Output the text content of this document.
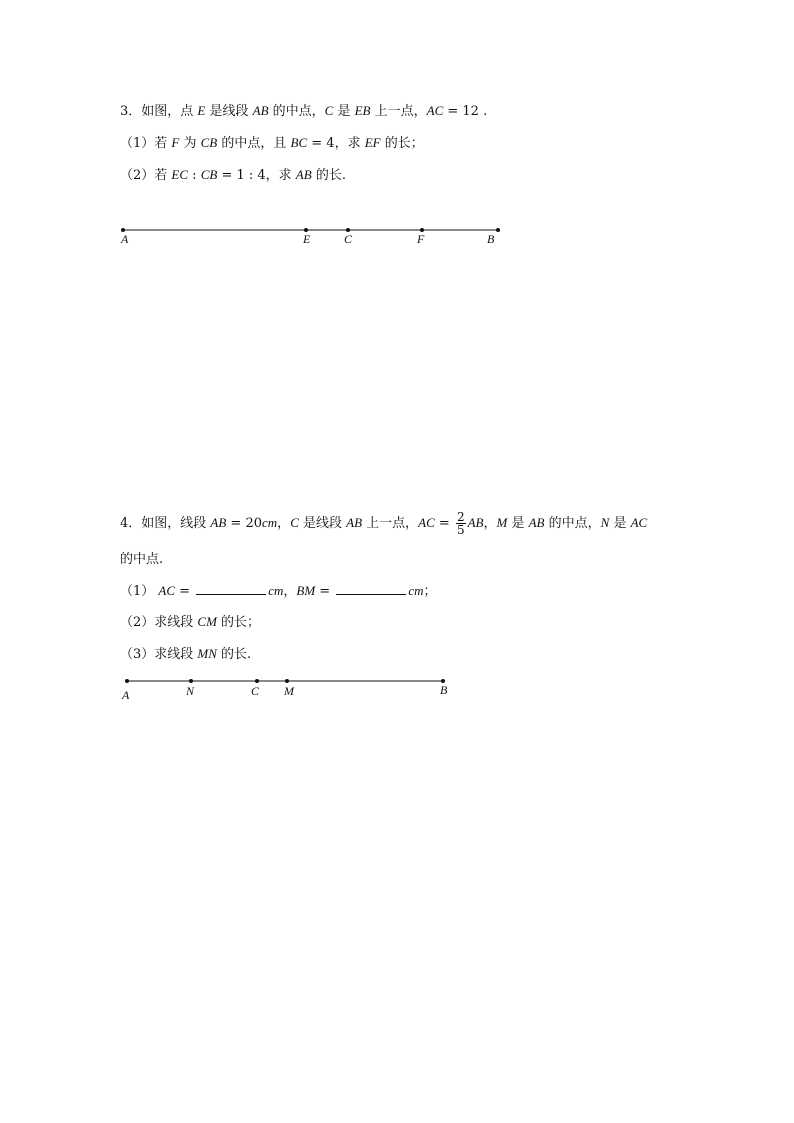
3．如图，点 E 是线段 AB 的中点，C 是 EB 上一点，AC = 12 .
（1）若 F 为 CB 的中点，且 BC = 4，求 EF 的长；
（2）若 EC : CB = 1 : 4，求 AB 的长.
4．如图，线段 AB = 20cm，C 是线段 AB 上一点，AC = $\frac{2}{5}$ AB，M 是 AB 的中点，N 是 AC
的中点.
（1） AC =	cm，BM =	cm；
（2）求线段 CM 的长；
（3）求线段 MN 的长.
A	E	C	F	B
A	N	C M	B
